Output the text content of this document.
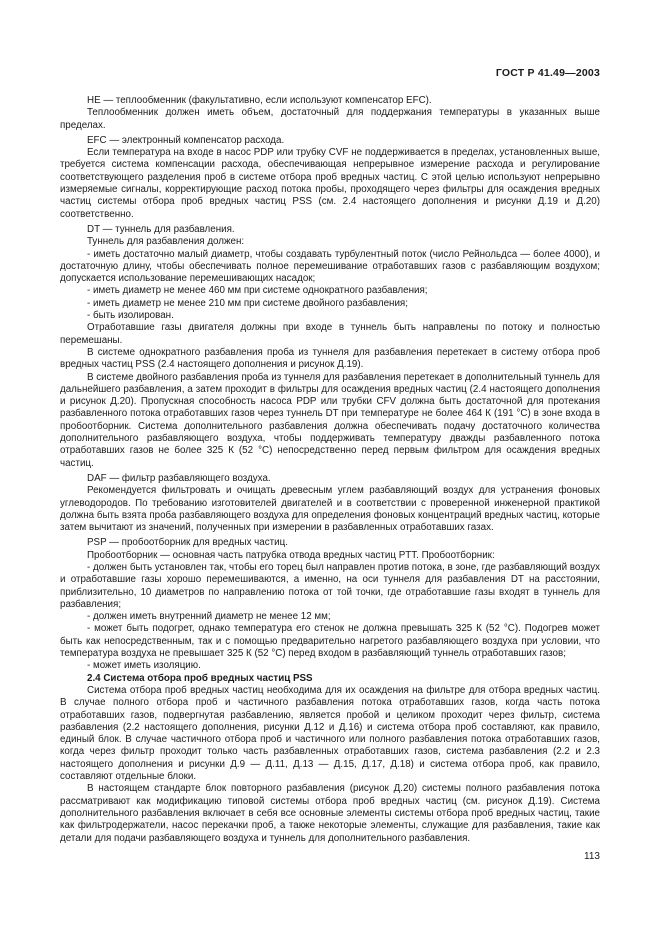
ГОСТ Р 41.49—2003

НЕ — теплообменник (факультативно, если используют компенсатор EFC).

Теплообменник должен иметь объем, достаточный для поддержания температуры в указанных выше пределах.

EFC — электронный компенсатор расхода.

Если температура на входе в насос PDP или трубку CVF не поддерживается в пределах, установленных выше, требуется система компенсации расхода, обеспечивающая непрерывное измерение расхода и регулирование соответствующего разделения проб в системе отбора проб вредных частиц. С этой целью используют непрерывно измеряемые сигналы, корректирующие расход потока пробы, проходящего через фильтры для осаждения вредных частиц системы отбора проб вредных частиц PSS (см. 2.4 настоящего дополнения и рисунки Д.19 и Д.20) соответственно.

DT — туннель для разбавления.

Туннель для разбавления должен:

- иметь достаточно малый диаметр, чтобы создавать турбулентный поток (число Рейнольдса — более 4000), и достаточную длину, чтобы обеспечивать полное перемешивание отработавших газов с разбавляющим воздухом; допускается использование перемешивающих насадок;

- иметь диаметр не менее 460 мм при системе однократного разбавления;

- иметь диаметр не менее 210 мм при системе двойного разбавления;

- быть изолирован.

Отработавшие газы двигателя должны при входе в туннель быть направлены по потоку и полностью перемешаны.

В системе однократного разбавления проба из туннеля для разбавления перетекает в систему отбора проб вредных частиц PSS (2.4 настоящего дополнения и рисунок Д.19).

В системе двойного разбавления проба из туннеля для разбавления перетекает в дополнительный туннель для дальнейшего разбавления, а затем проходит в фильтры для осаждения вредных частиц (2.4 настоящего дополнения и рисунок Д.20). Пропускная способность насоса PDP или трубки CFV должна быть достаточной для протекания разбавленного потока отработавших газов через туннель DT при температуре не более 464 К (191 °С) в зоне входа в пробоотборник. Система дополнительного разбавления должна обеспечивать подачу достаточного количества дополнительного разбавляющего воздуха, чтобы поддерживать температуру дважды разбавленного потока отработавших газов не более 325 К (52 °С) непосредственно перед первым фильтром для осаждения вредных частиц.

DAF — фильтр разбавляющего воздуха.

Рекомендуется фильтровать и очищать древесным углем разбавляющий воздух для устранения фоновых углеводородов. По требованию изготовителей двигателей и в соответствии с проверенной инженерной практикой должна быть взята проба разбавляющего воздуха для определения фоновых концентраций вредных частиц, которые затем вычитают из значений, полученных при измерении в разбавленных отработавших газах.

PSP — пробоотборник для вредных частиц.

Пробоотборник — основная часть патрубка отвода вредных частиц PTT. Пробоотборник:

- должен быть установлен так, чтобы его торец был направлен против потока, в зоне, где разбавляющий воздух и отработавшие газы хорошо перемешиваются, а именно, на оси туннеля для разбавления DT на расстоянии, приблизительно, 10 диаметров по направлению потока от той точки, где отработавшие газы входят в туннель для разбавления;

- должен иметь внутренний диаметр не менее 12 мм;

- может быть подогрет, однако температура его стенок не должна превышать 325 К (52 °С). Подогрев может быть как непосредственным, так и с помощью предварительно нагретого разбавляющего воздуха при условии, что температура воздуха не превышает 325 К (52 °С) перед входом в разбавляющий туннель отработавших газов;

- может иметь изоляцию.

2.4 Система отбора проб вредных частиц PSS

Система отбора проб вредных частиц необходима для их осаждения на фильтре для отбора вредных частиц. В случае полного отбора проб и частичного разбавления потока отработавших газов, когда часть потока отработавших газов, подвергнутая разбавлению, является пробой и целиком проходит через фильтр, система разбавления (2.2 настоящего дополнения, рисунки Д.12 и Д.16) и система отбора проб составляют, как правило, единый блок. В случае частичного отбора проб и частичного или полного разбавления потока отработавших газов, когда через фильтр проходит только часть разбавленных отработавших газов, система разбавления (2.2 и 2.3 настоящего дополнения и рисунки Д.9 — Д.11, Д.13 — Д.15, Д.17, Д.18) и система отбора проб, как правило, составляют отдельные блоки.

В настоящем стандарте блок повторного разбавления (рисунок Д.20) системы полного разбавления потока рассматривают как модификацию типовой системы отбора проб вредных частиц (см. рисунок Д.19). Система дополнительного разбавления включает в себя все основные элементы системы отбора проб вредных частиц, такие как фильтродержатели, насос перекачки проб, а также некоторые элементы, служащие для разбавления, такие как детали для подачи разбавляющего воздуха и туннель для дополнительного разбавления.

113
